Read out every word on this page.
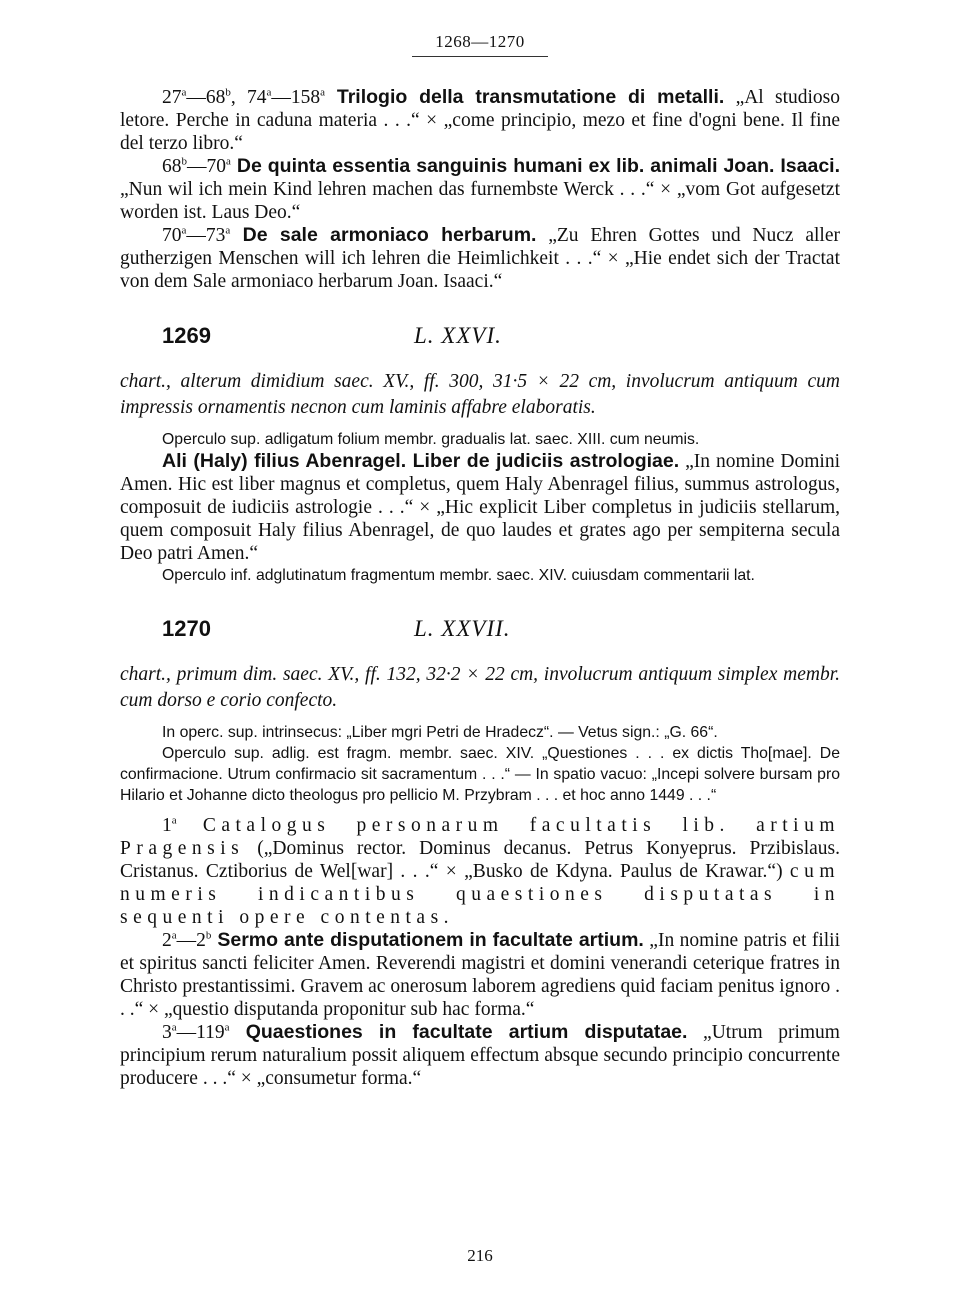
1268—1270

27$^a$—68$^b$, 74$^a$—158$^a$ Trilogio della transmutatione di metalli. „Al studioso letore. Perche in caduna materia . . .“ × „come principio, mezo et fine d'ogni bene. Il fine del terzo libro.“

68$^b$—70$^a$ De quinta essentia sanguinis humani ex lib. animali Joan. Isaaci. „Nun wil ich mein Kind lehren machen das furnembste Werck . . .“ × „vom Got aufgesetzt worden ist. Laus Deo.“

70$^a$—73$^a$ De sale armoniaco herbarum. „Zu Ehren Gottes und Nucz aller gutherzigen Menschen will ich lehren die Heimlichkeit . . .“ × „Hie endet sich der Tractat von dem Sale armoniaco herbarum Joan. Isaaci.“

1269	L. XXVI.

chart., alterum dimidium saec. XV., ff. 300, 31·5 × 22 cm, involucrum antiquum cum impressis ornamentis necnon cum laminis affabre elaboratis.

Operculo sup. adligatum folium membr. gradualis lat. saec. XIII. cum neumis.

Ali (Haly) filius Abenragel. Liber de judiciis astrologiae. „In nomine Domini Amen. Hic est liber magnus et completus, quem Haly Abenragel filius, summus astrologus, composuit de iudiciis astrologie . . .“ × „Hic explicit Liber completus in judiciis stellarum, quem composuit Haly filius Abenragel, de quo laudes et grates ago per sempiterna secula Deo patri Amen.“

Operculo inf. adglutinatum fragmentum membr. saec. XIV. cuiusdam commentarii lat.

1270	L. XXVII.

chart., primum dim. saec. XV., ff. 132, 32·2 × 22 cm, involucrum antiquum simplex membr. cum dorso e corio confecto.

In operc. sup. intrinsecus: „Liber mgri Petri de Hradecz“. — Vetus sign.: „G. 66“.

Operculo sup. adlig. est fragm. membr. saec. XIV. „Questiones . . . ex dictis Tho[mae]. De confirmacione. Utrum confirmacio sit sacramentum . . .“ — In spatio vacuo: „Incepi solvere bursam pro Hilario et Johanne dicto theologus pro pellicio M. Przybram . . . et hoc anno 1449 . . .“

1$^a$ Catalogus personarum facultatis lib. artium Pragensis („Dominus rector. Dominus decanus. Petrus Konyeprus. Przibislaus. Cristanus. Cztiborius de Wel[war] . . .“ × „Busko de Kdyna. Paulus de Krawar.“) cum numeris indicantibus quaestiones disputatas in sequenti opere contentas.

2$^a$—2$^b$ Sermo ante disputationem in facultate artium. „In nomine patris et filii et spiritus sancti feliciter Amen. Reverendi magistri et domini venerandi ceterique fratres in Christo prestantissimi. Gravem ac onerosum laborem agrediens quid faciam penitus ignoro . . .“ × „questio disputanda proponitur sub hac forma.“

3$^a$—119$^a$ Quaestiones in facultate artium disputatae. „Utrum primum principium rerum naturalium possit aliquem effectum absque secundo principio concurrente producere . . .“ × „consumetur forma.“

216
